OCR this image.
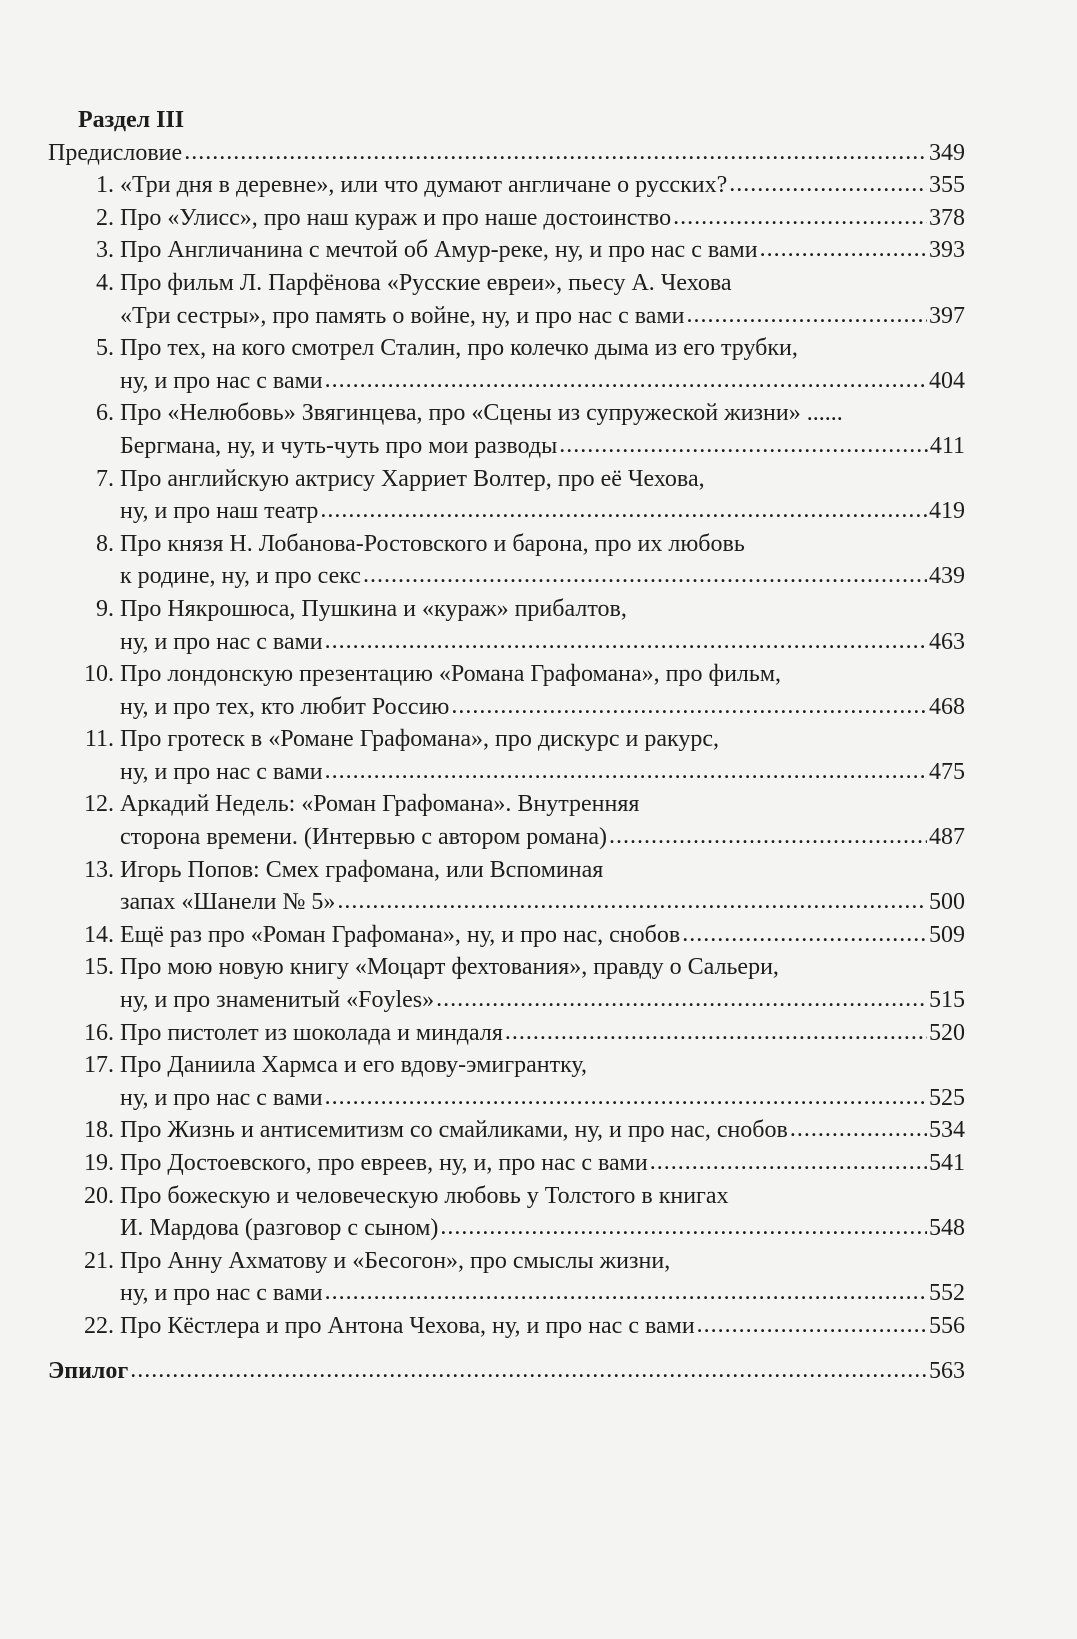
Раздел III
Предисловие .....	349
1. «Три дня в деревне», или что думают англичане о русских? .....	355
2. Про «Улисс», про наш кураж и про наше достоинство .....	378
3. Про Англичанина с мечтой об Амур-реке, ну, и про нас с вами .....	393
4. Про фильм Л. Парфёнова «Русские евреи», пьесу А. Чехова
«Три сестры», про память о войне, ну, и про нас с вами .....	397
5. Про тех, на кого смотрел Сталин, про колечко дыма из его трубки,
ну, и про нас с вами .....	404
6. Про «Нелюбовь» Звягинцева, про «Сцены из супружеской жизни» ......
Бергмана, ну, и чуть-чуть про мои разводы .....	411
7. Про английскую актрису Харриет Волтер, про её Чехова,
ну, и про наш театр .....	419
8. Про князя Н. Лобанова-Ростовского и барона, про их любовь
к родине, ну, и про секс .....	439
9. Про Някрошюса, Пушкина и «кураж» прибалтов,
ну, и про нас с вами .....	463
10. Про лондонскую презентацию «Романа Графомана», про фильм,
ну, и про тех, кто любит Россию .....	468
11. Про гротеск в «Романе Графомана», про дискурс и ракурс,
ну, и про нас с вами .....	475
12. Аркадий Недель: «Роман Графомана». Внутренняя
сторона времени. (Интервью с автором романа) .....	487
13. Игорь Попов: Смех графомана, или Вспоминая
запах «Шанели № 5» .....	500
14. Ещё раз про «Роман Графомана», ну, и про нас, снобов .....	509
15. Про мою новую книгу «Моцарт фехтования», правду о Сальери,
ну, и про знаменитый «Foyles» .....	515
16. Про пистолет из шоколада и миндаля .....	520
17. Про Даниила Хармса и его вдову-эмигрантку,
ну, и про нас с вами .....	525
18. Про Жизнь и антисемитизм со смайликами, ну, и про нас, снобов .....	534
19. Про Достоевского, про евреев, ну, и, про нас с вами .....	541
20. Про божескую и человеческую любовь у Толстого в книгах
И. Мардова (разговор с сыном) .....	548
21. Про Анну Ахматову и «Бесогон», про смыслы жизни,
ну, и про нас с вами .....	552
22. Про Кёстлера и про Антона Чехова, ну, и про нас с вами .....	556
Эпилог .....	563
